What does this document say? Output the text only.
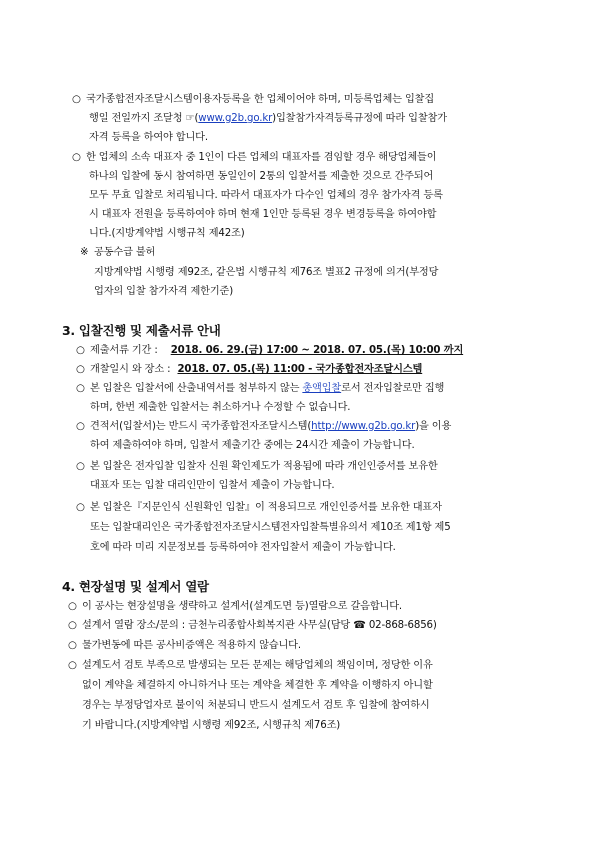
○ 국가종합전자조달시스템이용자등록을 한 업체이어야 하며, 미등록업체는 입찰집
행일 전일까지 조달청 ☞(www.g2b.go.kr)입찰참가자격등록규정에 따라 입찰참가
자격 등록을 하여야 합니다.
○ 한 업체의 소속 대표자 중 1인이 다른 업체의 대표자를 겸임할 경우 해당업체들이
하나의 입찰에 동시 참여하면 동일인이 2통의 입찰서를 제출한 것으로 간주되어
모두 무효 입찰로 처리됩니다. 따라서 대표자가 다수인 업체의 경우 참가자격 등록
시 대표자 전원을 등록하여야 하며 현재 1인만 등록된 경우 변경등록을 하여야합
니다.(지방계약법 시행규칙 제42조)
※ 공동수급 불허
지방계약법 시행령 제92조, 같은법 시행규칙 제76조 별표2 규정에 의거(부정당
업자의 입찰 참가자격 제한기준)
3. 입찰진행 및 제출서류 안내
○ 제출서류 기간 : 2018. 06. 29.(금) 17:00 ~ 2018. 07. 05.(목) 10:00 까지
○ 개찰일시 와 장소 : 2018. 07. 05.(목) 11:00 - 국가종합전자조달시스템
○ 본 입찰은 입찰서에 산출내역서를 첨부하지 않는 총액입찰로서 전자입찰로만 집행
하며, 한번 제출한 입찰서는 취소하거나 수정할 수 없습니다.
○ 견적서(입찰서)는 반드시 국가종합전자조달시스템(http://www.g2b.go.kr)을 이용
하여 제출하여야 하며, 입찰서 제출기간 중에는 24시간 제출이 가능합니다.
○ 본 입찰은 전자입찰 입찰자 신원 확인제도가 적용됨에 따라 개인인증서를 보유한
대표자 또는 입찰 대리인만이 입찰서 제출이 가능합니다.
○ 본 입찰은『지문인식 신원확인 입찰』이 적용되므로 개인인증서를 보유한 대표자
또는 입찰대리인은 국가종합전자조달시스템전자입찰특별유의서 제10조 제1항 제5
호에 따라 미리 지문정보를 등록하여야 전자입찰서 제출이 가능합니다.
4. 현장설명 및 설계서 열람
○ 이 공사는 현장설명을 생략하고 설계서(설계도면 등)열람으로 갈음합니다.
○ 설계서 열람 장소/문의 : 금천누리종합사회복지관 사무실(담당 ☎ 02-868-6856)
○ 물가변동에 따른 공사비증액은 적용하지 않습니다.
○ 설계도서 검토 부족으로 발생되는 모든 문제는 해당업체의 책임이며, 정당한 이유
없이 계약을 체결하지 아니하거나 또는 계약을 체결한 후 계약을 이행하지 아니할
경우는 부정당업자로 불이익 처분되니 반드시 설계도서 검토 후 입찰에 참여하시
기 바랍니다.(지방계약법 시행령 제92조, 시행규칙 제76조)
